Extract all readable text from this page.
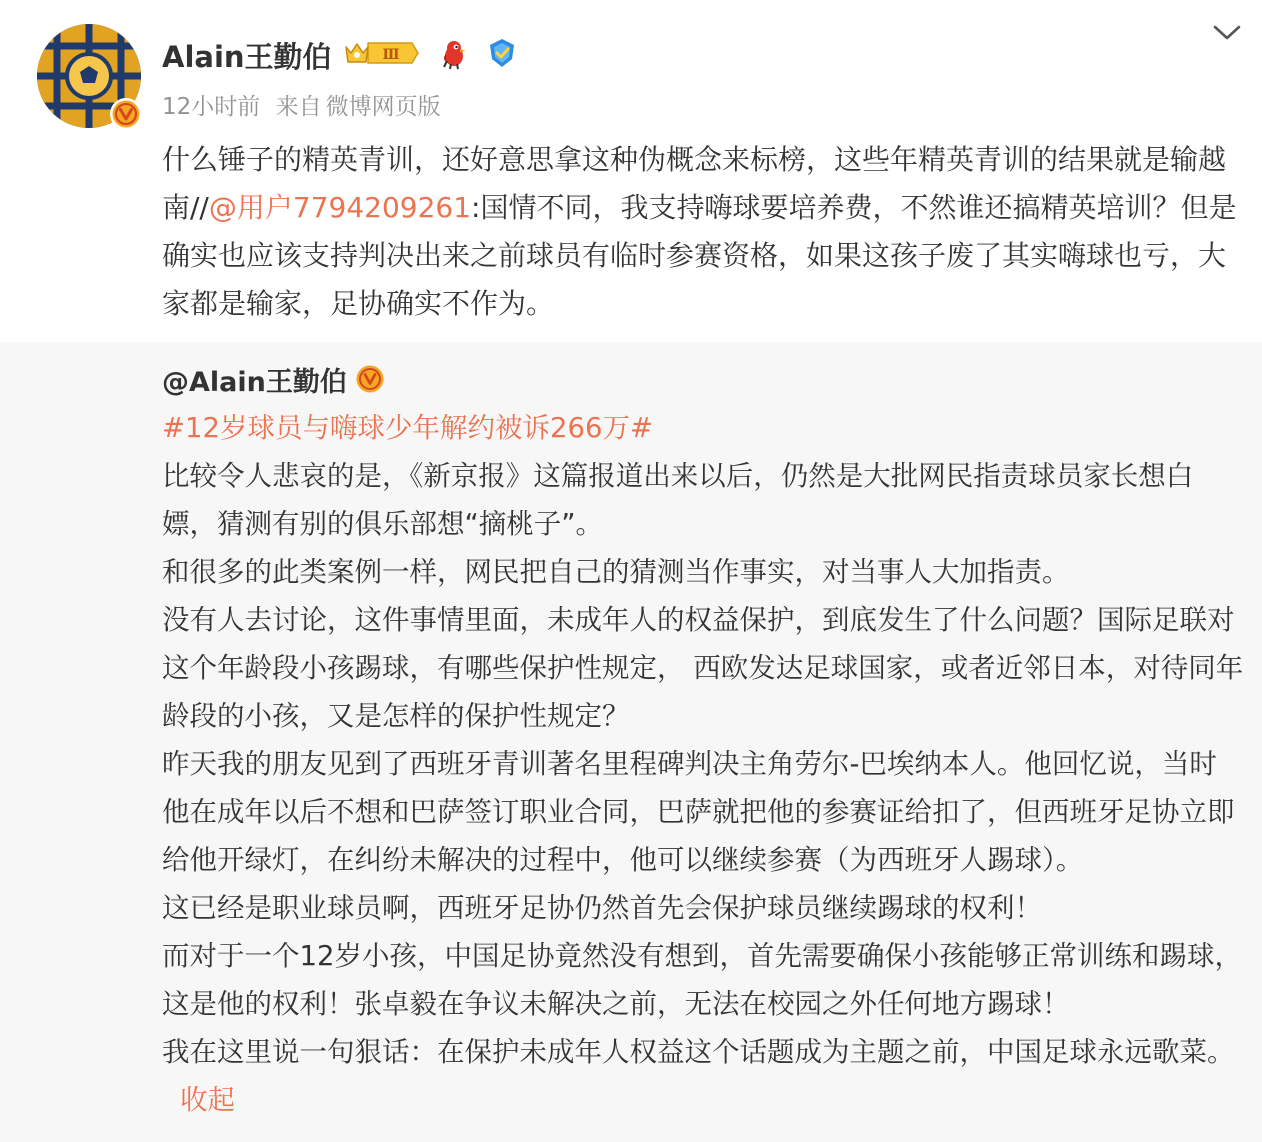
Alain王勤伯	Ⅲ
12小时前 来自 微博网页版
什么锤子的精英青训，还好意思拿这种伪概念来标榜，这些年精英青训的结果就是输越南//@用户7794209261:国情不同，我支持嗨球要培养费，不然谁还搞精英培训？但是确实也应该支持判决出来之前球员有临时参赛资格，如果这孩子废了其实嗨球也亏，大家都是输家，足协确实不作为。
@Alain王勤伯

#12岁球员与嗨球少年解约被诉266万#

比较令人悲哀的是，《新京报》这篇报道出来以后，仍然是大批网民指责球员家长想白嫖，猜测有别的俱乐部想“摘桃子”。

和很多的此类案例一样，网民把自己的猜测当作事实，对当事人大加指责。

没有人去讨论，这件事情里面，未成年人的权益保护，到底发生了什么问题？国际足联对这个年龄段小孩踢球，有哪些保护性规定， 西欧发达足球国家，或者近邻日本，对待同年龄段的小孩，又是怎样的保护性规定？

昨天我的朋友见到了西班牙青训著名里程碑判决主角劳尔-巴埃纳本人。他回忆说，当时他在成年以后不想和巴萨签订职业合同，巴萨就把他的参赛证给扣了，但西班牙足协立即给他开绿灯，在纠纷未解决的过程中，他可以继续参赛（为西班牙人踢球）。

这已经是职业球员啊，西班牙足协仍然首先会保护球员继续踢球的权利！

而对于一个12岁小孩，中国足协竟然没有想到，首先需要确保小孩能够正常训练和踢球，这是他的权利！张卓毅在争议未解决之前，无法在校园之外任何地方踢球！

我在这里说一句狠话：在保护未成年人权益这个话题成为主题之前，中国足球永远歌菜。收起
